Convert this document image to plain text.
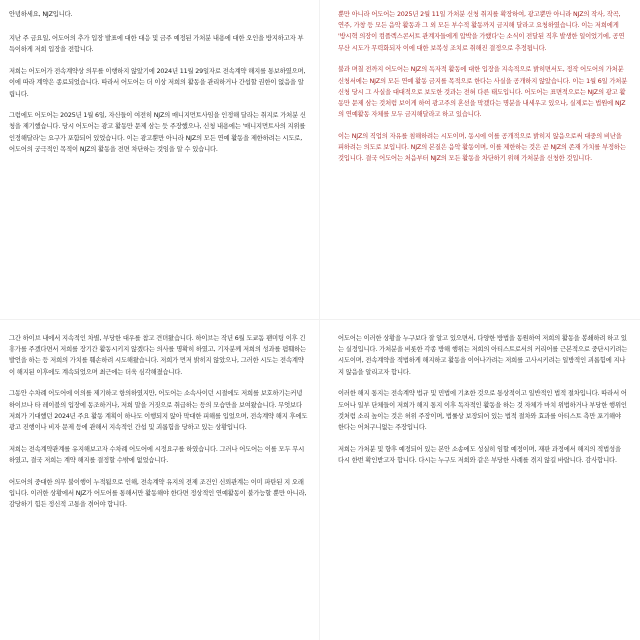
안녕하세요, NJZ입니다.

지난 주 금요일, 어도어의 추가 입장 발표에 대한 대응 및 금주 예정된 가처분 내용에 대한 오인을 방지하고자 부득이하게 저희 입장을 전합니다.

저희는 어도어가 전속계약상 의무를 이행하지 않았기에 2024년 11월 29일자로 전속계약 해지를 통보하였으며, 이에 따라 계약은 종료되었습니다. 따라서 어도어는 더 이상 저희의 활동을 관리하거나 간섭할 권한이 없음을 알립니다.

그럼에도 어도어는 2025년 1월 6일, 자신들이 여전히 NJZ의 매니지먼트사임을 인정해 달라는 취지로 가처분 신청을 제기했습니다. 당시 어도어는 광고 활동만 문제 삼는 듯 주장했으나, 신청 내용에는 '매니지먼트사의 지위를 인정해달라'는 요구가 포함되어 있었습니다. 이는 광고뿐만 아니라 NJZ의 모든 연예 활동을 제한하려는 시도로, 어도어의 궁극적인 목적이 NJZ의 활동을 전면 차단하는 것임을 알 수 있습니다.

뿐만 아니라 어도어는 2025년 2월 11일 가처분 신청 취지를 확장하여, 광고뿐만 아니라 NJZ의 작사, 작곡, 연주, 가창 등 모든 음악 활동과 그 외 모든 부수적 활동까지 금지해 달라고 요청하였습니다. 이는 저희에게 '방시혁 의장이 컴플렉스콘서트 관계자들에게 압박을 가했다'는 소식이 전달된 직후 발생한 일이었기에, 공연 무산 시도가 무력화되자 이에 대한 보복성 조치로 취해진 결정으로 추정됩니다.

불과 며칠 전까지 어도어는 NJZ의 독자적 활동에 대한 입장을 지속적으로 밝히면서도, 정작 어도어의 가처분 신청서에는 NJZ의 모든 연예 활동 금지를 목적으로 한다는 사실을 공개하지 않았습니다. 이는 1월 6일 가처분 신청 당시 그 사실을 대대적으로 보도한 것과는 전혀 다른 태도입니다. 어도어는 표면적으로는 NJZ의 광고 활동만 문제 삼는 것처럼 보이게 하여 광고주의 혼선을 막겠다는 명분을 내세우고 있으나, 실제로는 법원에 NJZ의 연예활동 자체를 모두 금지해달라고 하고 있습니다.

이는 NJZ의 직업의 자유를 침해하려는 시도이며, 동시에 이를 공개적으로 밝히지 않음으로써 대중의 비난을 피하려는 의도로 보입니다. NJZ의 본질은 음악 활동이며, 이를 제한하는 것은 곧 NJZ의 존재 가치를 부정하는 것입니다. 결국 어도어는 처음부터 NJZ의 모든 활동을 차단하기 위해 가처분을 신청한 것입니다.

그간 하이브 내에서 지속적인 차별, 부당한 대우를 참고 견뎌왔습니다. 하이브는 작년 6월 도쿄돔 팬미팅 이후 긴 휴가를 주겠다면서 저희를 장기간 활동시키지 않겠다는 의사를 명확히 하였고, 기자분께 저희의 성과를 폄훼하는 발언을 하는 등 저희의 가치를 훼손하려 시도해왔습니다. 저희가 먼저 밝히지 않았으나, 그러한 시도는 전속계약이 해지된 이후에도 계속되었으며 최근에는 더욱 심각해졌습니다.

그동안 수차례 어도어에 이의를 제기하고 항의하였지만, 어도어는 소속사이던 시절에도 저희를 보호하기는커녕 하이브나 타 레이블의 입장에 동조하거나, 저희 말을 거짓으로 취급하는 등의 모습만을 보여왔습니다. 무엇보다 저희가 기대했던 2024년 주요 활동 계획이 하나도 이행되지 않아 막대한 피해를 입었으며, 전속계약 해지 후에도 광고 진행이나 비자 문제 등에 관해서 지속적인 간섭 및 괴롭힘을 당하고 있는 상황입니다.

저희는 전속계약관계를 유지해보고자 수차례 어도어에 시정요구를 하였습니다. 그러나 어도어는 이를 모두 무시하였고, 결국 저희는 계약 해지를 결정할 수밖에 없었습니다.

어도어의 중대한 의무 불이행이 누적됨으로 인해, 전속계약 유지의 전제 조건인 신뢰관계는 이미 파탄된 지 오래입니다. 이러한 상황에서 NJZ가 어도어를 통해서만 활동해야 한다면 정상적인 연예활동이 불가능할 뿐만 아니라, 감당하기 힘든 정신적 고통을 겪어야 합니다.

어도어는 이러한 상황을 누구보다 잘 알고 있으면서, 다양한 방법을 동원하여 저희의 활동을 봉쇄하려 하고 있는 실정입니다. 가처분을 비롯한 각종 방해 행위는 저희의 아티스트로서의 커리어를 근본적으로 중단시키려는 시도이며, 전속계약을 적법하게 해지하고 활동을 이어나가려는 저희를 고사시키려는 일방적인 괴롭힘에 지나지 않음을 알리고자 합니다.

이러한 해지 통지는 전속계약 법규 및 민법에 기초한 것으로 통상적이고 일반적인 법적 절차입니다. 따라서 어도어나 일부 단체들이 저희가 해지 통지 이후 독자적인 활동을 하는 것 자체가 마치 위법하거나 부당한 행위인 것처럼 소리 높이는 것은 허위 주장이며, 법률상 보장되어 있는 법적 절차와 효과를 아티스트 측만 포기해야 한다는 어처구니없는 주장입니다.

저희는 가처분 및 향후 예정되어 있는 본안 소송에도 성실히 임할 예정이며, 재판 과정에서 해지의 적법성을 다시 한번 확인받고자 합니다. 다시는 누구도 저희와 같은 부당한 사례를 겪지 않길 바랍니다. 감사합니다.
